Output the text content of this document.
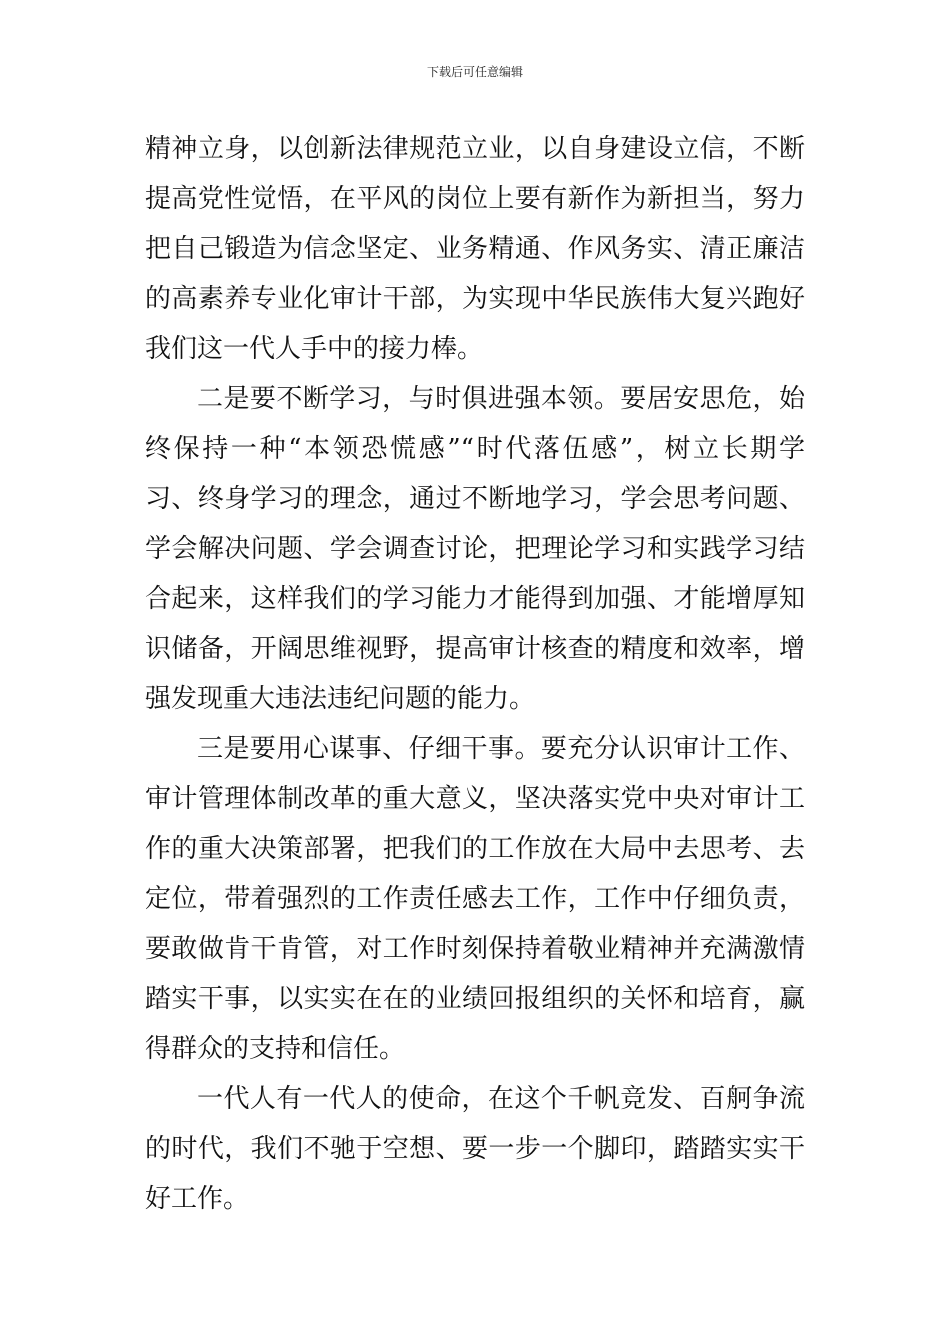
下载后可任意编辑
精神立身，以创新法律规范立业，以自身建设立信，不断
提高党性觉悟，在平风的岗位上要有新作为新担当，努力
把自己锻造为信念坚定、业务精通、作风务实、清正廉洁
的高素养专业化审计干部，为实现中华民族伟大复兴跑好
我们这一代人手中的接力棒。
二是要不断学习，与时俱进强本领。要居安思危，始
终保持一种“本领恐慌感”“时代落伍感”，树立长期学
习、终身学习的理念，通过不断地学习，学会思考问题、
学会解决问题、学会调查讨论，把理论学习和实践学习结
合起来，这样我们的学习能力才能得到加强、才能增厚知
识储备，开阔思维视野，提高审计核查的精度和效率，增
强发现重大违法违纪问题的能力。
三是要用心谋事、仔细干事。要充分认识审计工作、
审计管理体制改革的重大意义，坚决落实党中央对审计工
作的重大决策部署，把我们的工作放在大局中去思考、去
定位，带着强烈的工作责任感去工作，工作中仔细负责，
要敢做肯干肯管，对工作时刻保持着敬业精神并充满激情
踏实干事，以实实在在的业绩回报组织的关怀和培育，赢
得群众的支持和信任。
一代人有一代人的使命，在这个千帆竞发、百舸争流
的时代，我们不驰于空想、要一步一个脚印，踏踏实实干
好工作。
